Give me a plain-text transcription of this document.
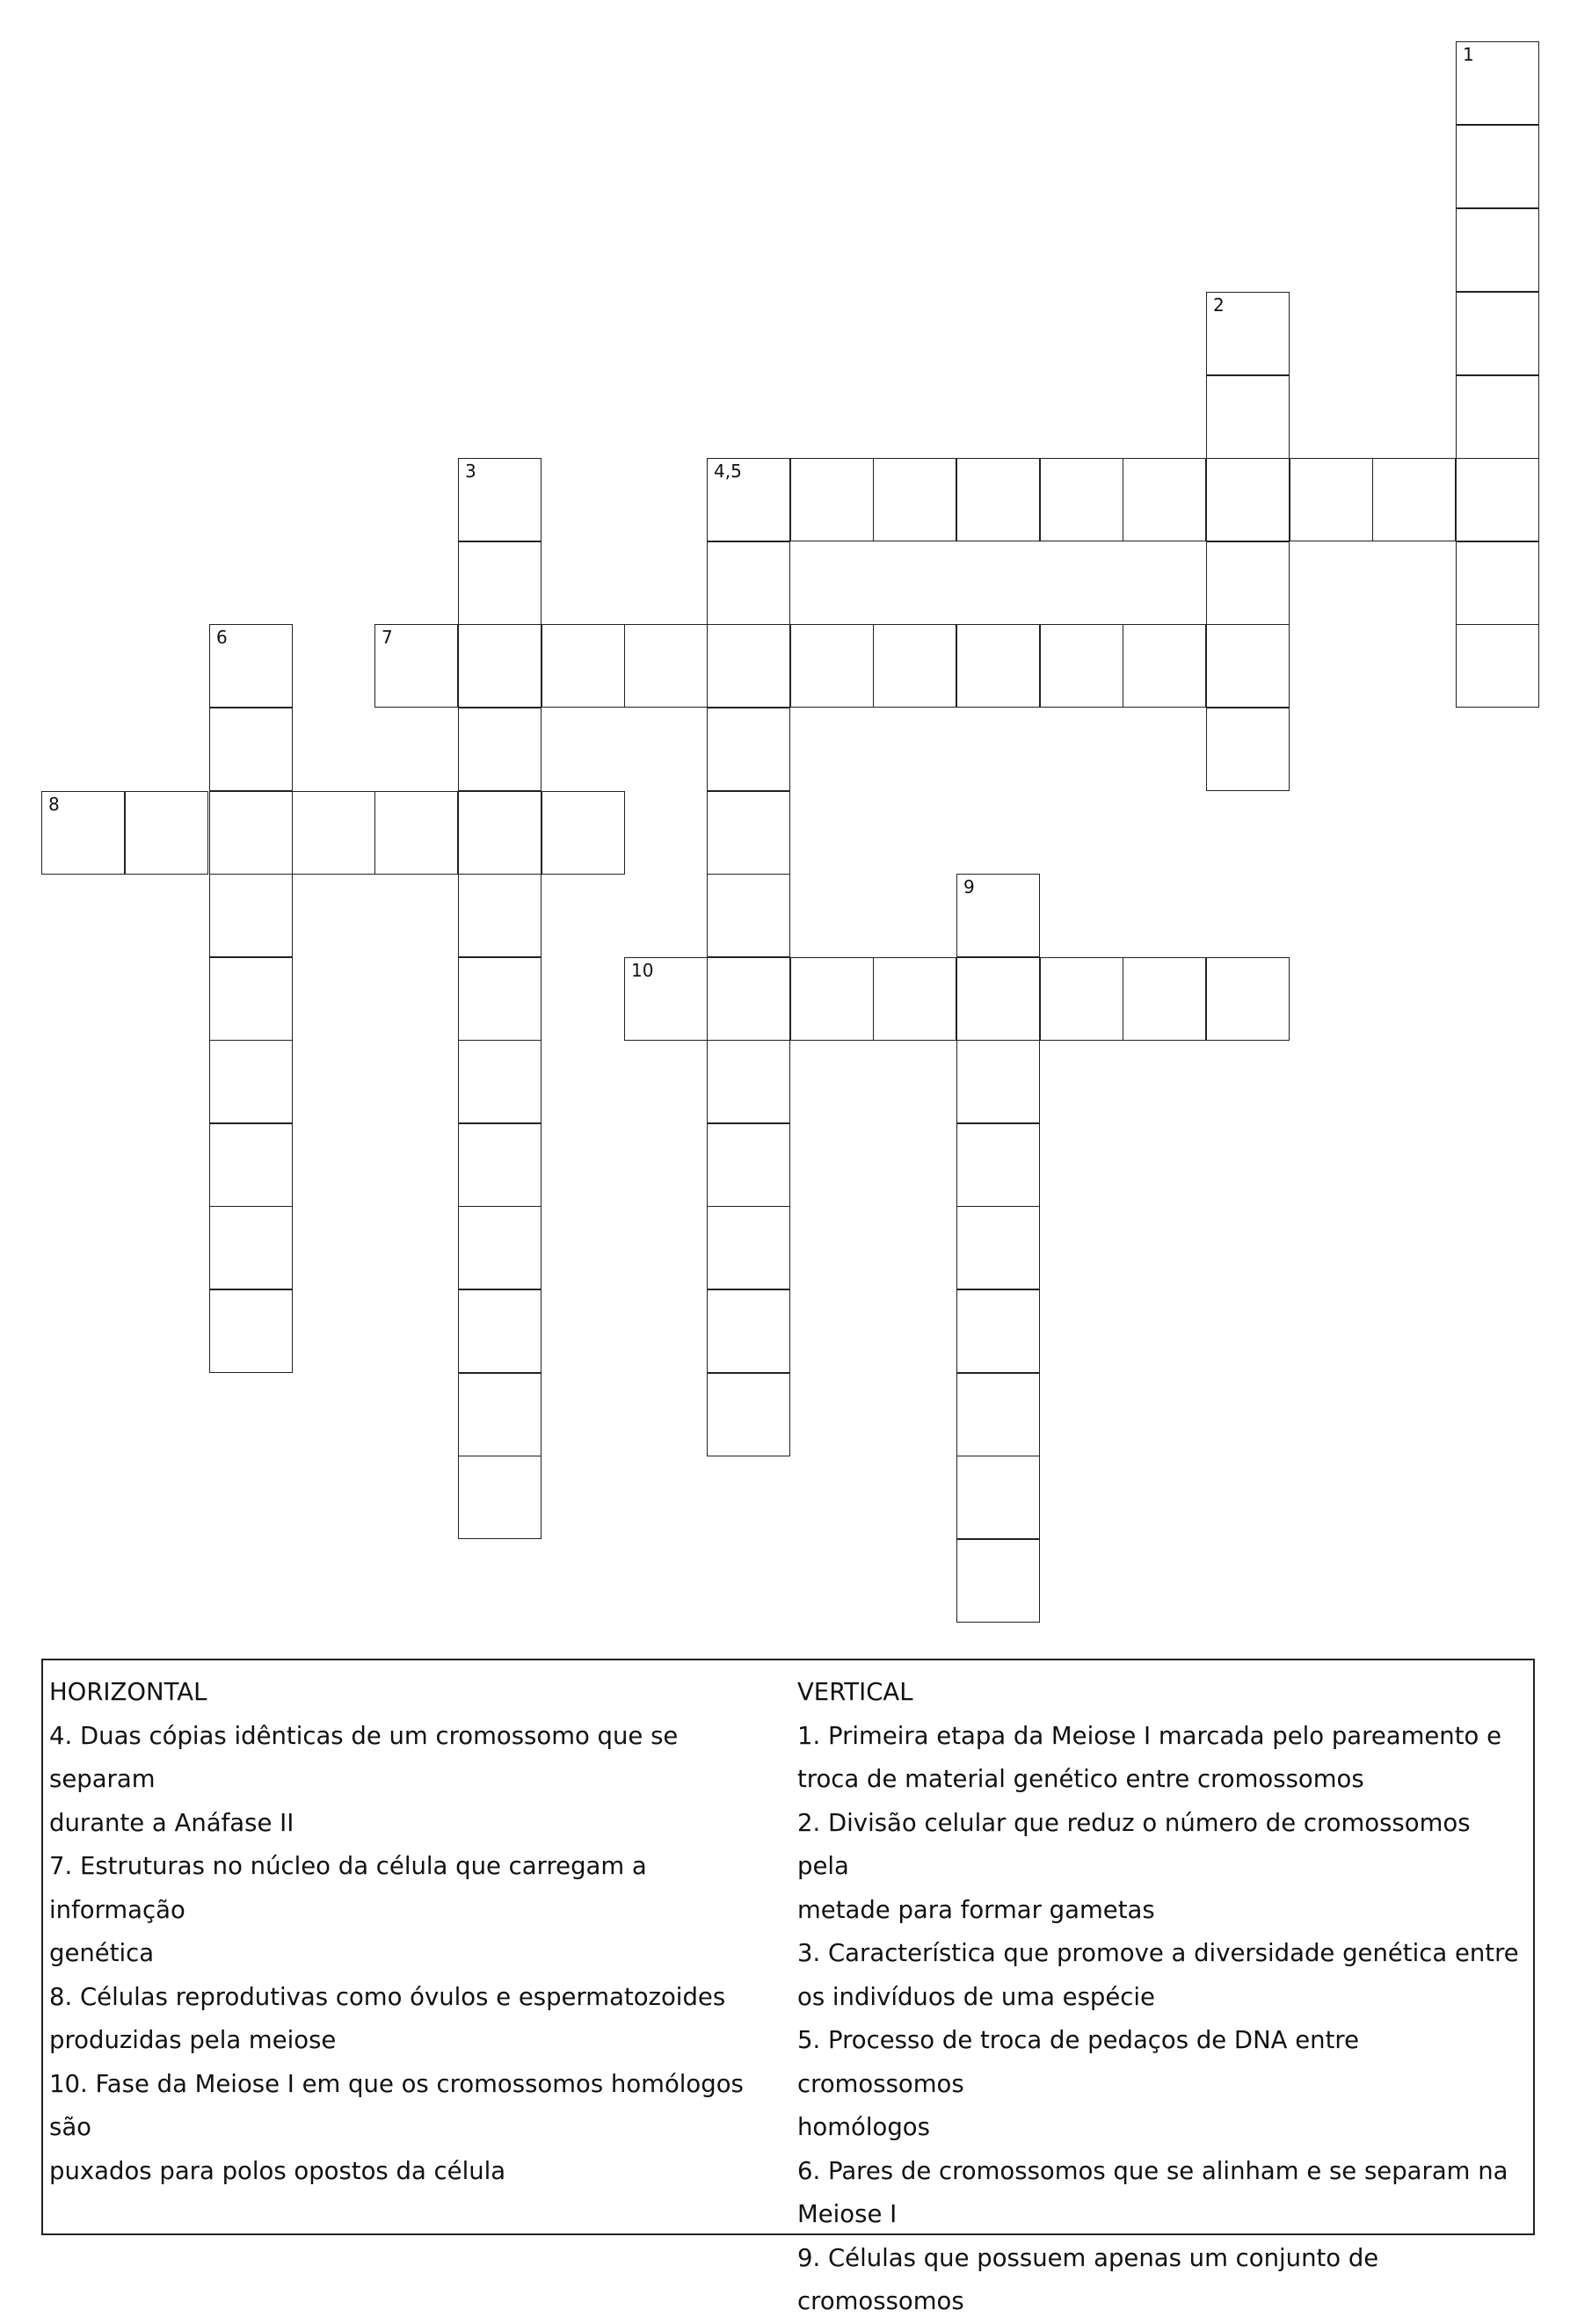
1
2
3	4,5
6	7
8
9
10

HORIZONTAL

4. Duas cópias idênticas de um cromossomo que se separam

durante a Anáfase II

7. Estruturas no núcleo da célula que carregam a informação

genética

8. Células reprodutivas como óvulos e espermatozoides

produzidas pela meiose

10. Fase da Meiose I em que os cromossomos homólogos são

puxados para polos opostos da célula

VERTICAL

1. Primeira etapa da Meiose I marcada pelo pareamento e

troca de material genético entre cromossomos

2. Divisão celular que reduz o número de cromossomos pela

metade para formar gametas

3. Característica que promove a diversidade genética entre

os indivíduos de uma espécie

5. Processo de troca de pedaços de DNA entre cromossomos

homólogos

6. Pares de cromossomos que se alinham e se separam na

Meiose I

9. Células que possuem apenas um conjunto de cromossomos
